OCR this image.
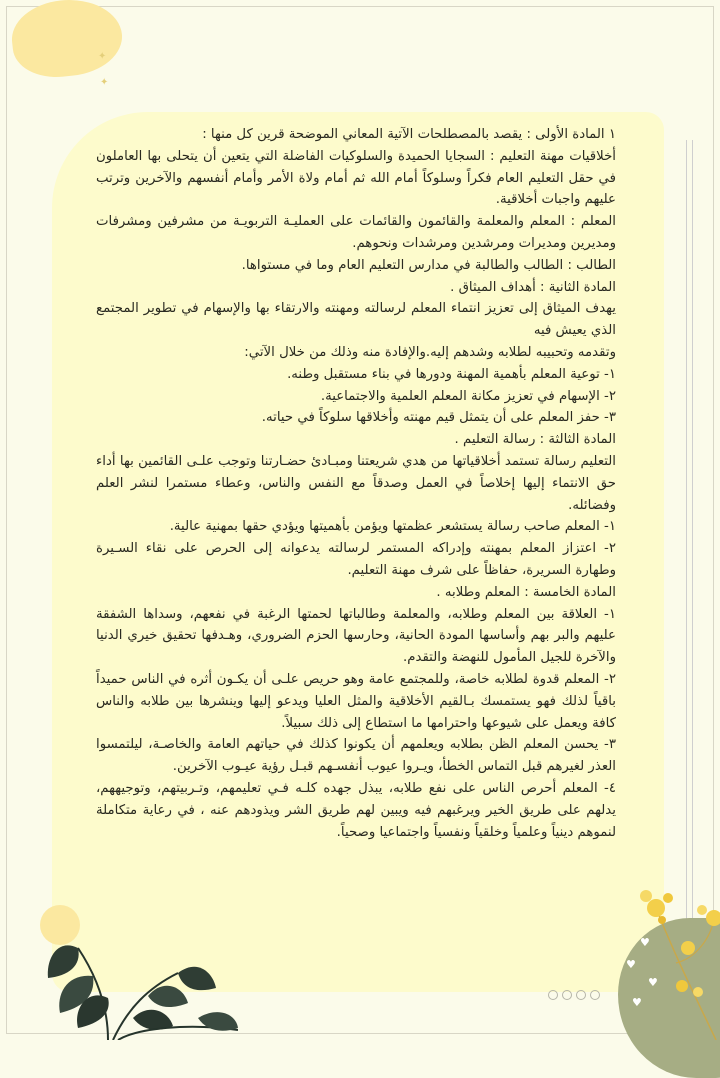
✦
✦

١ المادة الأولى : يقصد بالمصطلحات الآتية المعاني الموضحة قرين كل منها :

أخلاقيات مهنة التعليم : السجايا الحميدة والسلوكيات الفاضلة التي يتعين أن يتحلى بها العاملون في حقل التعليم العام فكراً وسلوكاً أمام الله ثم أمام ولاة الأمر وأمام أنفسهم والآخرين وترتب عليهم واجبات أخلاقية.

المعلم : المعلم والمعلمة والقائمون والقائمات على العمليـة التربويـة من مشرفين ومشرفات ومديرين ومديرات ومرشدين ومرشدات ونحوهم.

الطالب : الطالب والطالبة في مدارس التعليم العام وما في مستواها.

المادة الثانية : أهداف الميثاق .

يهدف الميثاق إلى تعزيز انتماء المعلم لرسالته ومهنته والارتقاء بها والإسهام في تطوير المجتمع الذي يعيش فيه

وتقدمه وتحبيبه لطلابه وشدهم إليه.والإفادة منه وذلك من خلال الآتي:

١- توعية المعلم بأهمية المهنة ودورها في بناء مستقبل وطنه.

٢- الإسهام في تعزيز مكانة المعلم العلمية والاجتماعية.

٣- حفز المعلم على أن يتمثل قيم مهنته وأخلاقها سلوكاً في حياته.

المادة الثالثة : رسالة التعليم .

التعليم رسالة تستمد أخلاقياتها من هدي شريعتنا ومبـادئ حضـارتنا وتوجب علـى القائمين بها أداء حق الانتماء إليها إخلاصاً في العمل وصدقاً مع النفس والناس، وعطاء مستمرا لنشر العلم وفضائله.

١- المعلم صاحب رسالة يستشعر عظمتها ويؤمن بأهميتها ويؤدي حقها بمهنية عالية.

٢- اعتزاز المعلم بمهنته وإدراكه المستمر لرسالته يدعوانه إلى الحرص على نقاء السـيرة وطهارة السريرة، حفاظاً على شرف مهنة التعليم.

المادة الخامسة : المعلم وطلابه .

١- العلاقة بين المعلم وطلابه، والمعلمة وطالباتها لحمتها الرغبة في نفعهم، وسداها الشفقة عليهم والبر بهم وأساسها المودة الحانية، وحارسها الحزم الضروري، وهـدفها تحقيق خيري الدنيا والآخرة للجيل المأمول للنهضة والتقدم.

٢- المعلم قدوة لطلابه خاصة، وللمجتمع عامة وهو حريص علـى أن يكـون أثره في الناس حميداً باقياً لذلك فهو يستمسك بـالقيم الأخلاقية والمثل العليا ويدعو إليها وينشرها بين طلابه والناس كافة ويعمل على شيوعها واحترامها ما استطاع إلى ذلك سبيلاً.

٣- يحسن المعلم الظن بطلابه ويعلمهم أن يكونوا كذلك في حياتهم العامة والخاصـة، ليلتمسوا العذر لغيرهم قبل التماس الخطأ، ويـروا عيوب أنفسـهم قبـل رؤية عيـوب الآخرين.

٤- المعلم أحرص الناس على نفع طلابه، يبذل جهده كلـه فـي تعليمهم، وتـربيتهم، وتوجيههم، يدلهم على طريق الخير ويرغبهم فيه ويبين لهم طريق الشر ويذودهم عنه ، في رعاية متكاملة لنموهم دينياً وعلمياً وخلقياً ونفسياً واجتماعيا وصحياً.

♥
♥
♥
♥
